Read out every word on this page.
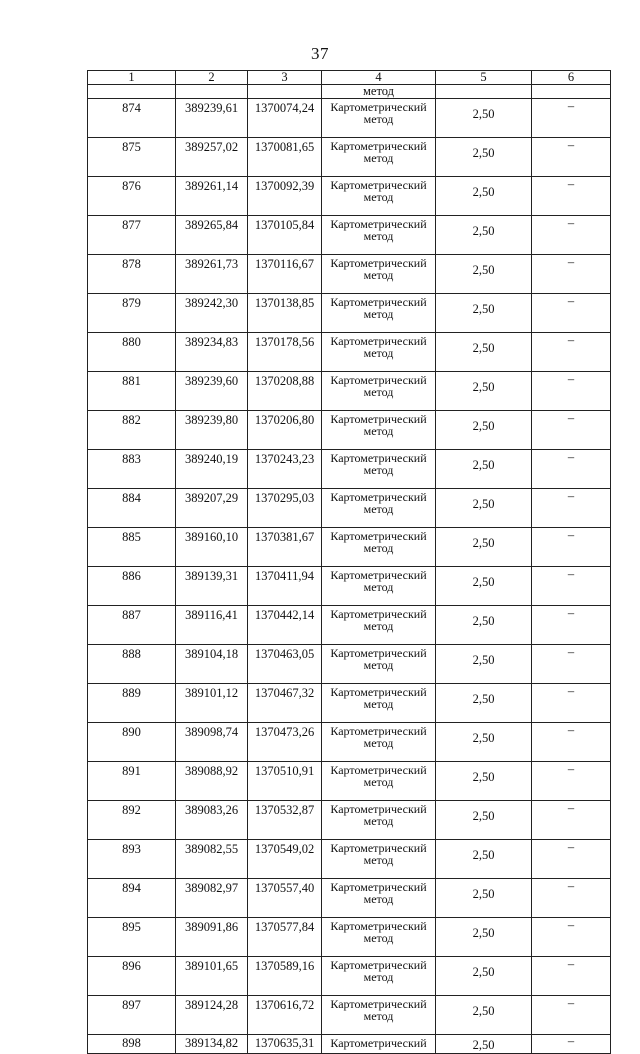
37
1	2	3	4	5	6
			метод		
874	389239,61	1370074,24	Картометрический метод	2,50	–
875	389257,02	1370081,65	Картометрический метод	2,50	–
876	389261,14	1370092,39	Картометрический метод	2,50	–
877	389265,84	1370105,84	Картометрический метод	2,50	–
878	389261,73	1370116,67	Картометрический метод	2,50	–
879	389242,30	1370138,85	Картометрический метод	2,50	–
880	389234,83	1370178,56	Картометрический метод	2,50	–
881	389239,60	1370208,88	Картометрический метод	2,50	–
882	389239,80	1370206,80	Картометрический метод	2,50	–
883	389240,19	1370243,23	Картометрический метод	2,50	–
884	389207,29	1370295,03	Картометрический метод	2,50	–
885	389160,10	1370381,67	Картометрический метод	2,50	–
886	389139,31	1370411,94	Картометрический метод	2,50	–
887	389116,41	1370442,14	Картометрический метод	2,50	–
888	389104,18	1370463,05	Картометрический метод	2,50	–
889	389101,12	1370467,32	Картометрический метод	2,50	–
890	389098,74	1370473,26	Картометрический метод	2,50	–
891	389088,92	1370510,91	Картометрический метод	2,50	–
892	389083,26	1370532,87	Картометрический метод	2,50	–
893	389082,55	1370549,02	Картометрический метод	2,50	–
894	389082,97	1370557,40	Картометрический метод	2,50	–
895	389091,86	1370577,84	Картометрический метод	2,50	–
896	389101,65	1370589,16	Картометрический метод	2,50	–
897	389124,28	1370616,72	Картометрический метод	2,50	–
898	389134,82	1370635,31	Картометрический	2,50	–
